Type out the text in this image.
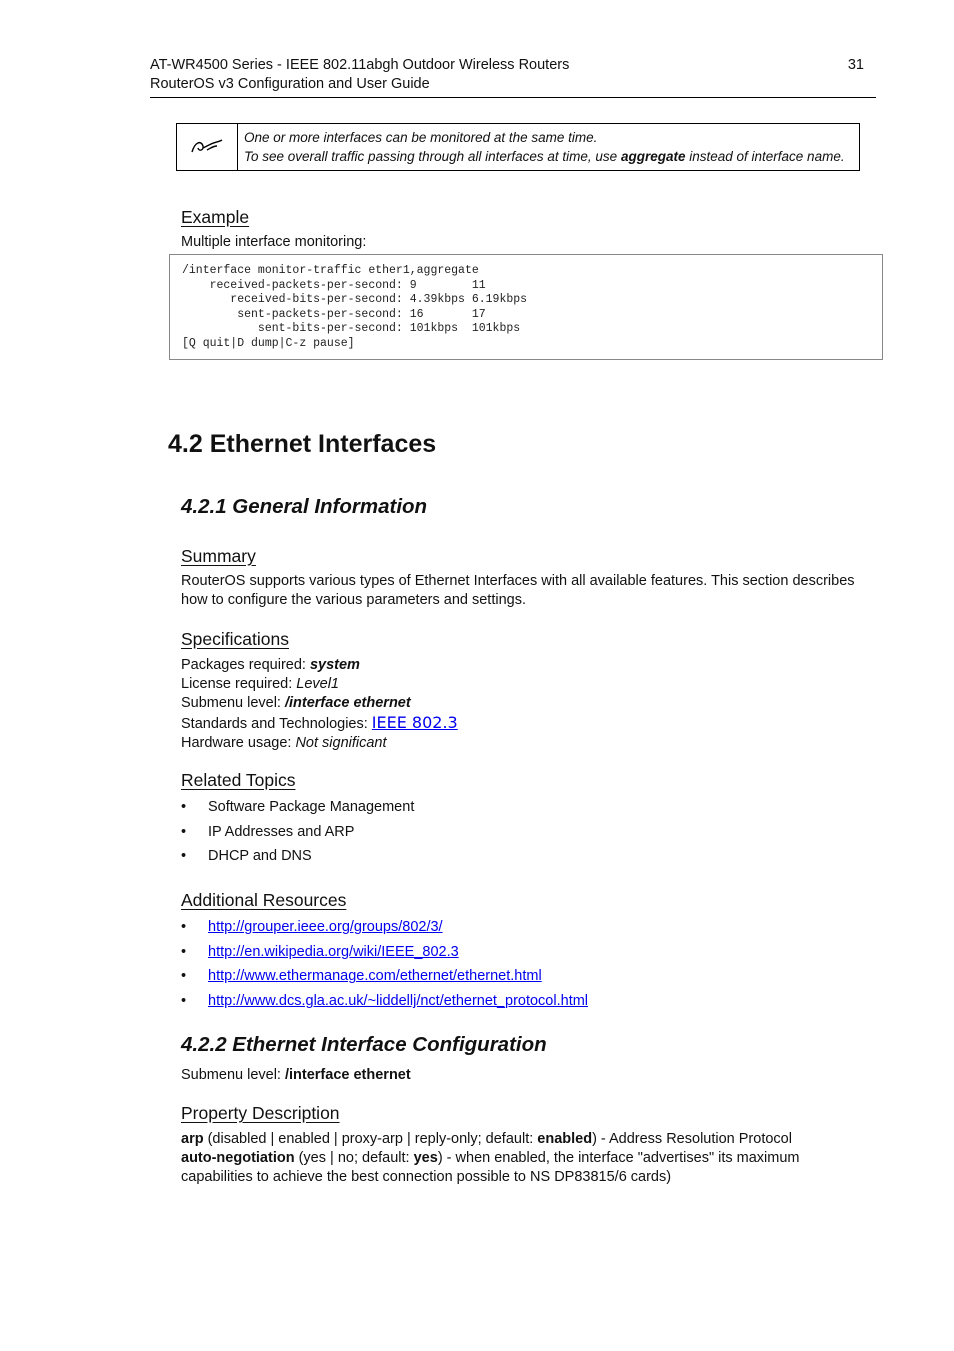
AT-WR4500 Series - IEEE 802.11abgh Outdoor Wireless Routers
RouterOS v3 Configuration and User Guide
31
One or more interfaces can be monitored at the same time.
To see overall traffic passing through all interfaces at time, use aggregate instead of interface name.
Example
Multiple interface monitoring:
/interface monitor-traffic ether1,aggregate
received-packets-per-second: 9        11
received-bits-per-second: 4.39kbps 6.19kbps
sent-packets-per-second: 16       17
sent-bits-per-second: 101kbps  101kbps
[Q quit|D dump|C-z pause]
4.2 Ethernet Interfaces
4.2.1 General Information
Summary
RouterOS supports various types of Ethernet Interfaces with all available features. This section describes
how to configure the various parameters and settings.
Specifications
Packages required: system
License required: Level1
Submenu level: /interface ethernet
Standards and Technologies: IEEE 802.3
Hardware usage: Not significant
Related Topics
• Software Package Management
• IP Addresses and ARP
• DHCP and DNS
Additional Resources
• http://grouper.ieee.org/groups/802/3/
• http://en.wikipedia.org/wiki/IEEE_802.3
• http://www.ethermanage.com/ethernet/ethernet.html
• http://www.dcs.gla.ac.uk/~liddellj/nct/ethernet_protocol.html
4.2.2 Ethernet Interface Configuration
Submenu level: /interface ethernet
Property Description
arp (disabled | enabled | proxy-arp | reply-only; default: enabled) - Address Resolution Protocol
auto-negotiation (yes | no; default: yes) - when enabled, the interface "advertises" its maximum
capabilities to achieve the best connection possible to NS DP83815/6 cards)
